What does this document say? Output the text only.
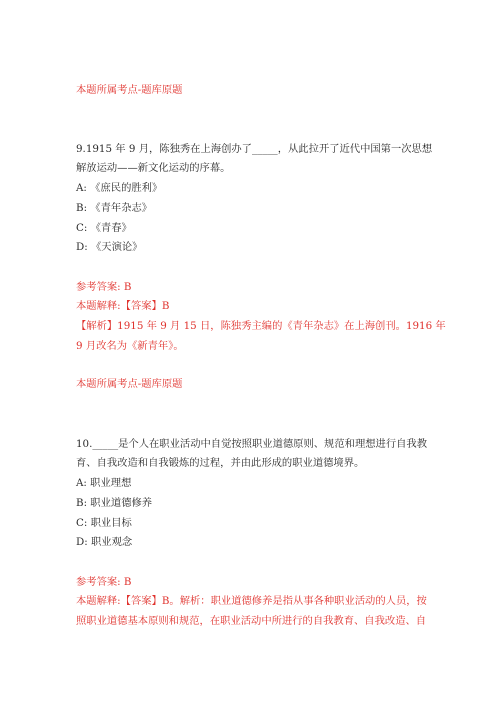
本题所属考点-题库原题

9.1915 年 9 月，陈独秀在上海创办了_____，从此拉开了近代中国第一次思想

解放运动——新文化运动的序幕。

A: 《庶民的胜利》

B: 《青年杂志》

C: 《青春》

D: 《天演论》

参考答案: B

本题解释:【答案】B

【解析】1915 年 9 月 15 日，陈独秀主编的《青年杂志》在上海创刊。1916 年

9 月改名为《新青年》。

本题所属考点-题库原题

10._____是个人在职业活动中自觉按照职业道德原则、规范和理想进行自我教

育、自我改造和自我锻炼的过程，并由此形成的职业道德境界。

A: 职业理想

B: 职业道德修养

C: 职业目标

D: 职业观念

参考答案: B

本题解释:【答案】B。解析：职业道德修养是指从事各种职业活动的人员，按

照职业道德基本原则和规范，在职业活动中所进行的自我教育、自我改造、自
